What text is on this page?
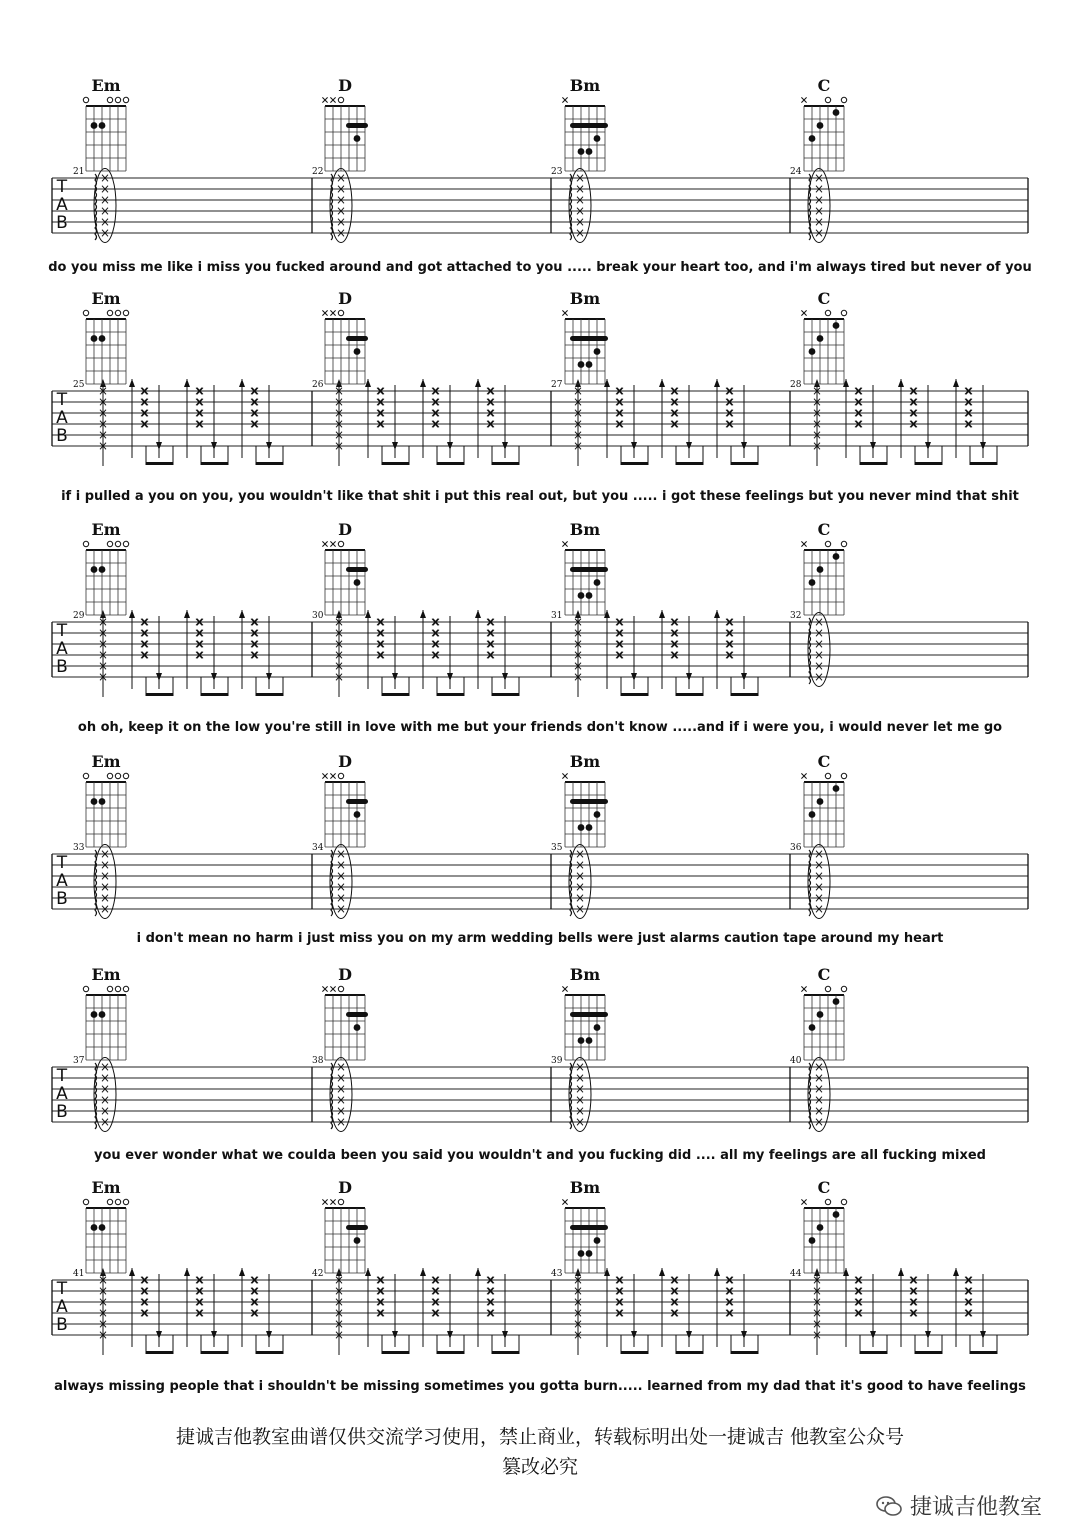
T
A
B
21	22	23	24
Em	D	Bm	C
T
A
B
25	26	27	28
Em	D	Bm	C
T
A
B
29	30	31	32
Em	D	Bm	C
T
A
B
33	34	35	36
Em	D	Bm	C
T
A
B
37	38	39	40
Em	D	Bm	C
T
A
B
41	42	43	44
Em	D	Bm	C
do you miss me like i miss you fucked around and got attached to you ..... break your heart too, and i'm always tired but never of you
if i pulled a you on you, you wouldn't like that shit i put this real out, but you ..... i got these feelings but you never mind that shit
oh oh, keep it on the low you're still in love with me but your friends don't know .....and if i were you, i would never let me go
i don't mean no harm i just miss you on my arm wedding bells were just alarms caution tape around my heart
you ever wonder what we coulda been you said you wouldn't and you fucking did .... all my feelings are all fucking mixed
always missing people that i shouldn't be missing sometimes you gotta burn..... learned from my dad that it's good to have feelings
捷诚吉他教室曲谱仅供交流学习使用，禁止商业，转载标明出处一捷诚吉 他教室公众号
篡改必究
捷诚吉他教室
